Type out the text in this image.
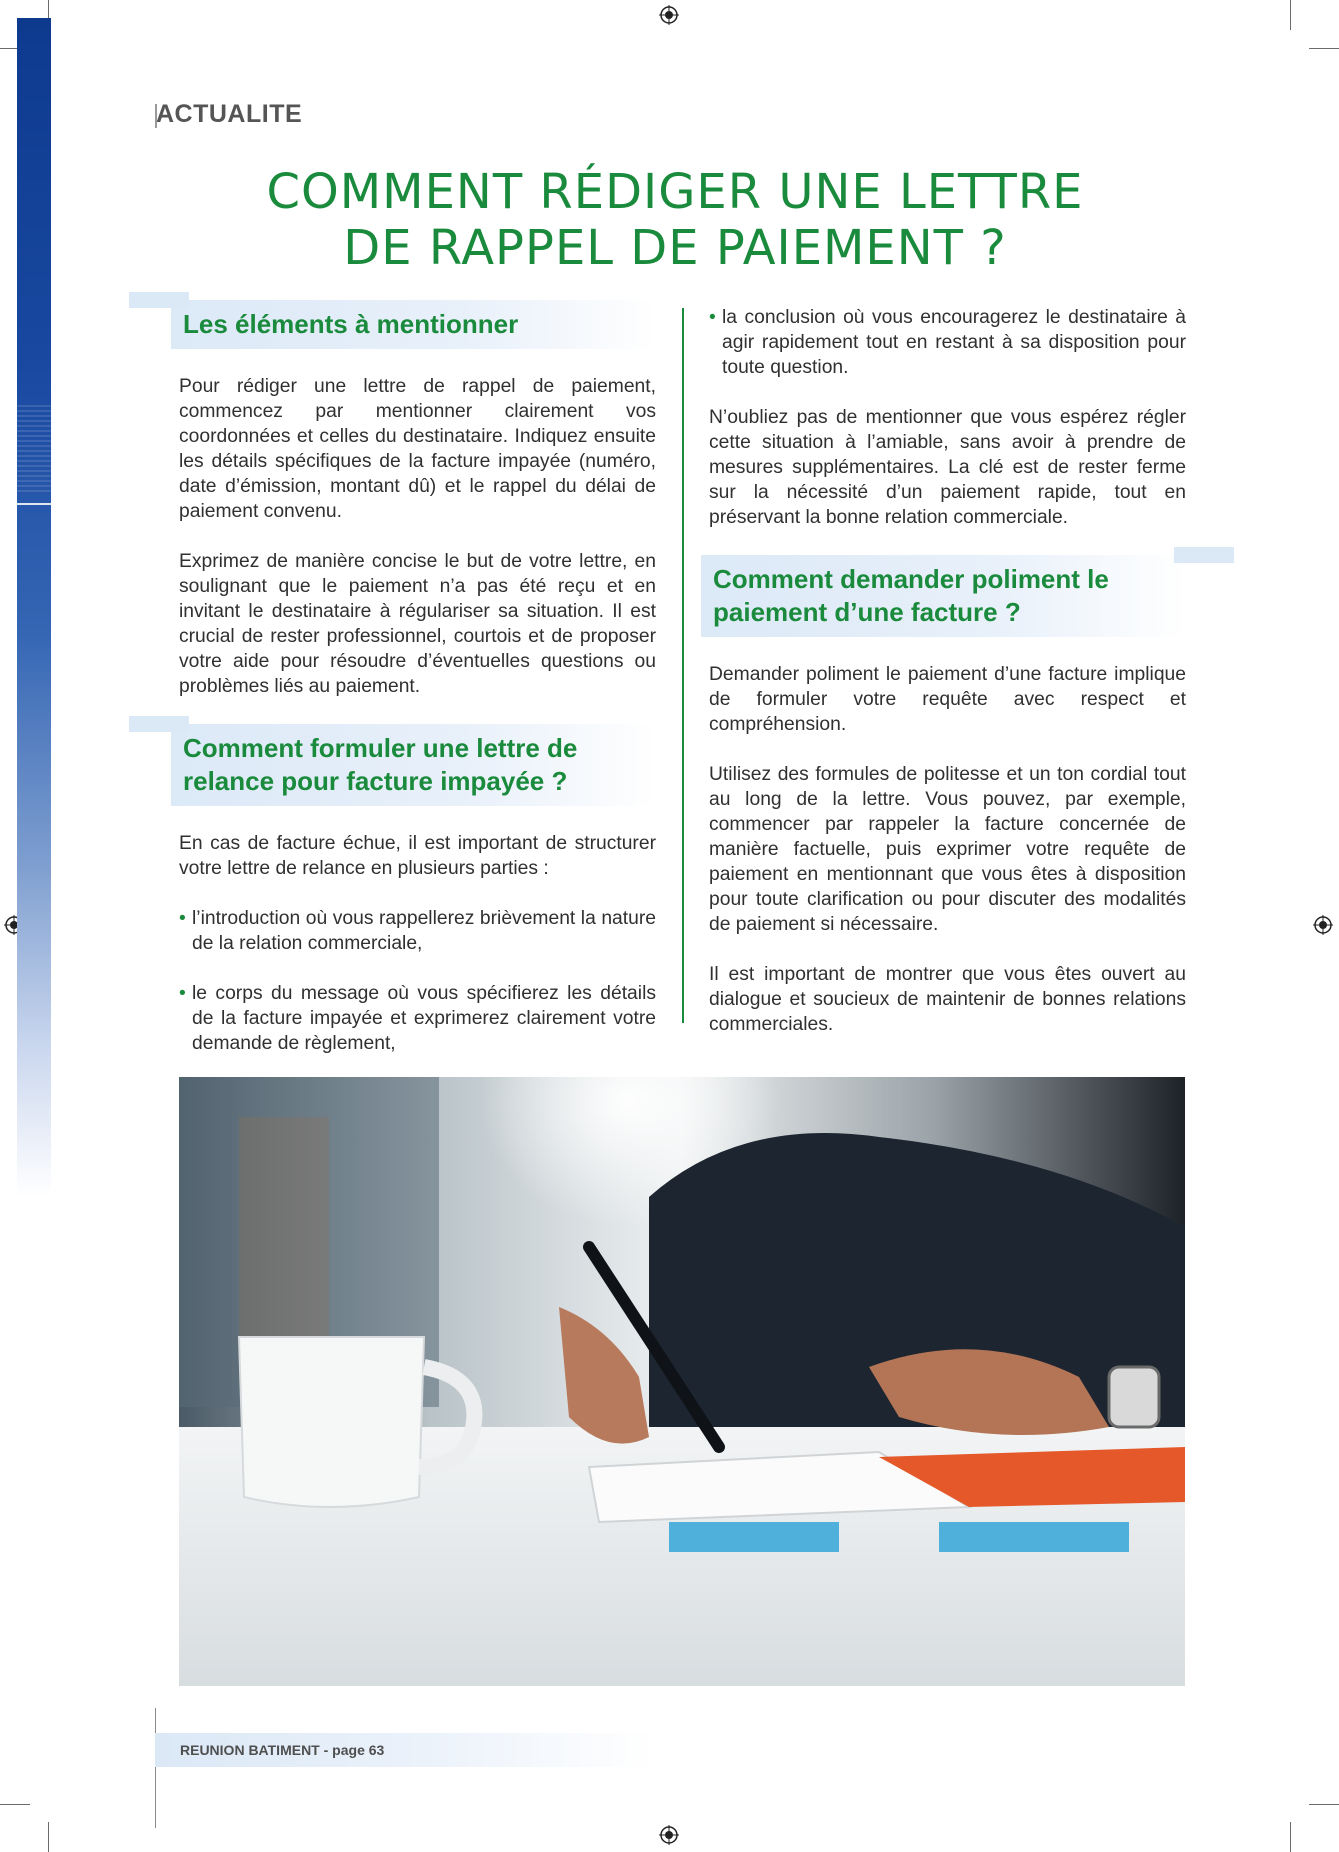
ACTUALITE
COMMENT RÉDIGER UNE LETTRE
DE RAPPEL DE PAIEMENT ?
Les éléments à mentionner

Pour rédiger une lettre de rappel de paiement, commencez par mentionner clairement vos coordonnées et celles du destinataire. Indiquez ensuite les détails spécifiques de la facture impayée (numéro, date d’émission, montant dû) et le rappel du délai de paiement convenu.

Exprimez de manière concise le but de votre lettre, en soulignant que le paiement n’a pas été reçu et en invitant le destinataire à régulariser sa situation. Il est crucial de rester professionnel, courtois et de proposer votre aide pour résoudre d’éventuelles questions ou problèmes liés au paiement.

Comment formuler une lettre de relance pour facture impayée ?

En cas de facture échue, il est important de structurer votre lettre de relance en plusieurs parties :

• l’introduction où vous rappellerez brièvement la nature de la relation commerciale,
• le corps du message où vous spécifierez les détails de la facture impayée et exprimerez clairement votre demande de règlement,
• la conclusion où vous encouragerez le destinataire à agir rapidement tout en restant à sa disposition pour toute question.

N’oubliez pas de mentionner que vous espérez régler cette situation à l’amiable, sans avoir à prendre de mesures supplémentaires. La clé est de rester ferme sur la nécessité d’un paiement rapide, tout en préservant la bonne relation commerciale.

Comment demander poliment le paiement d’une facture ?

Demander poliment le paiement d’une facture implique de formuler votre requête avec respect et compréhension.

Utilisez des formules de politesse et un ton cordial tout au long de la lettre. Vous pouvez, par exemple, commencer par rappeler la facture concernée de manière factuelle, puis exprimer votre requête de paiement en mentionnant que vous êtes à disposition pour toute clarification ou pour discuter des modalités de paiement si nécessaire.

Il est important de montrer que vous êtes ouvert au dialogue et soucieux de maintenir de bonnes relations commerciales.

REUNION BATIMENT - page 63
